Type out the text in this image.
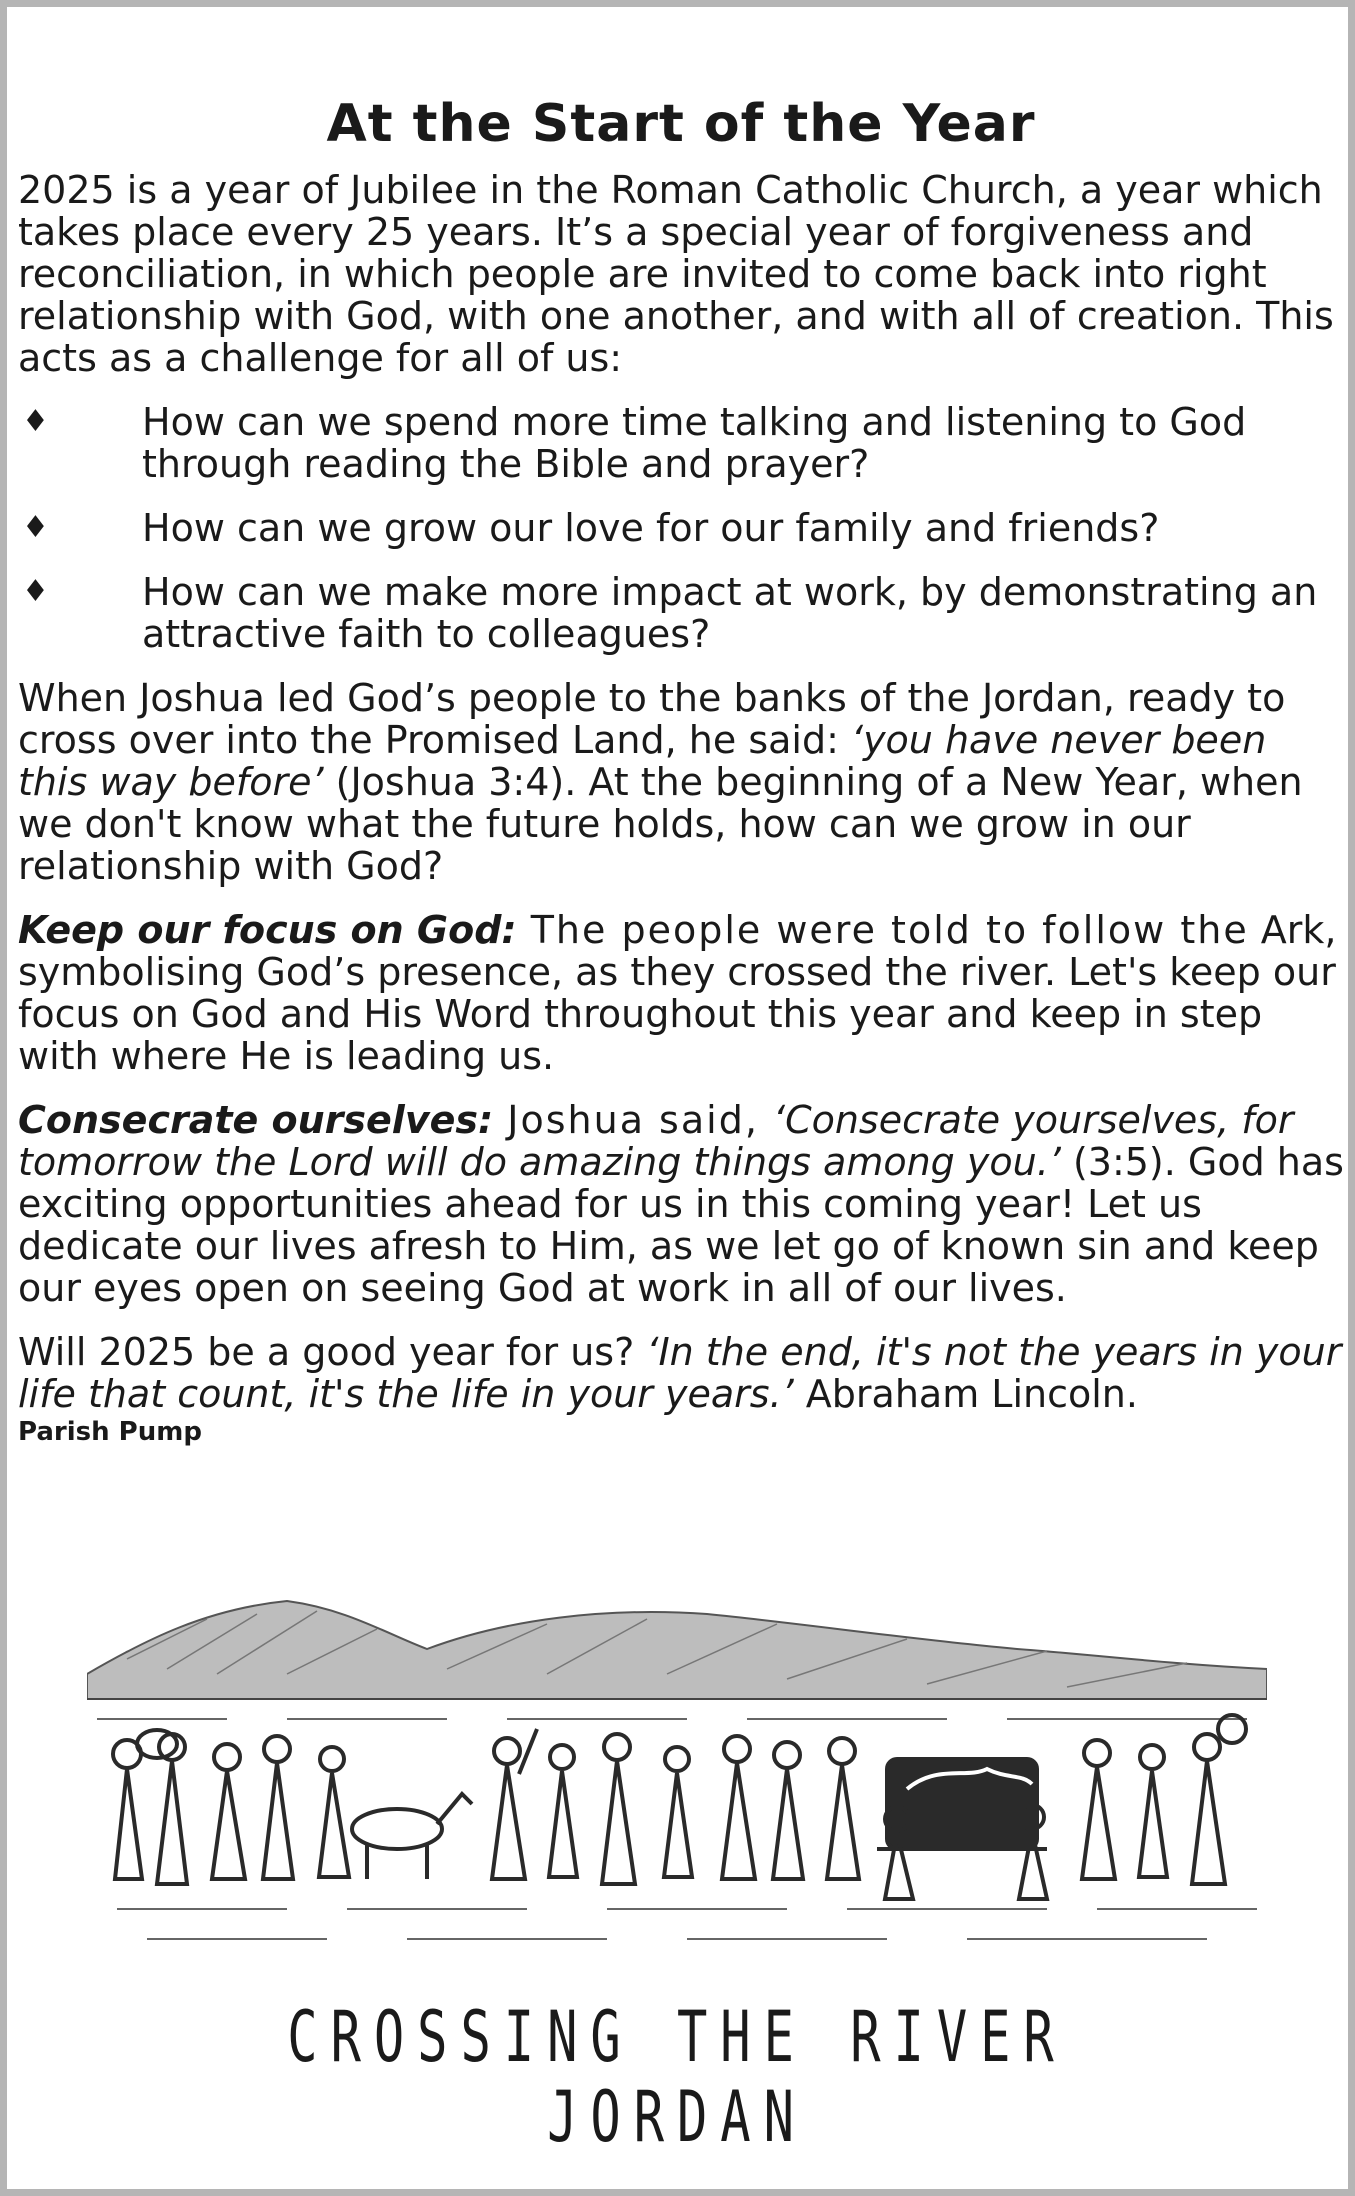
At the Start of the Year

2025 is a year of Jubilee in the Roman Catholic Church, a year which takes place every 25 years. It’s a special year of forgiveness and reconciliation, in which people are invited to come back into right relationship with God, with one another, and with all of creation. This acts as a challenge for all of us:

♦ How can we spend more time talking and listening to God through reading the Bible and prayer?
♦ How can we grow our love for our family and friends?
♦ How can we make more impact at work, by demonstrating an attractive faith to colleagues?

When Joshua led God’s people to the banks of the Jordan, ready to cross over into the Promised Land, he said: ‘you have never been this way before’ (Joshua 3:4). At the beginning of a New Year, when we don't know what the future holds, how can we grow in our relationship with God?

Keep our focus on God: The people were told to follow the Ark, symbolising God’s presence, as they crossed the river. Let's keep our focus on God and His Word throughout this year and keep in step with where He is leading us.

Consecrate ourselves: Joshua said, ‘Consecrate yourselves, for tomorrow the Lord will do amazing things among you.’ (3:5). God has exciting opportunities ahead for us in this coming year! Let us dedicate our lives afresh to Him, as we let go of known sin and keep our eyes open on seeing God at work in all of our lives.

Will 2025 be a good year for us? ‘In the end, it's not the years in your life that count, it's the life in your years.’ Abraham Lincoln.

Parish Pump

CROSSING THE RIVER JORDAN
